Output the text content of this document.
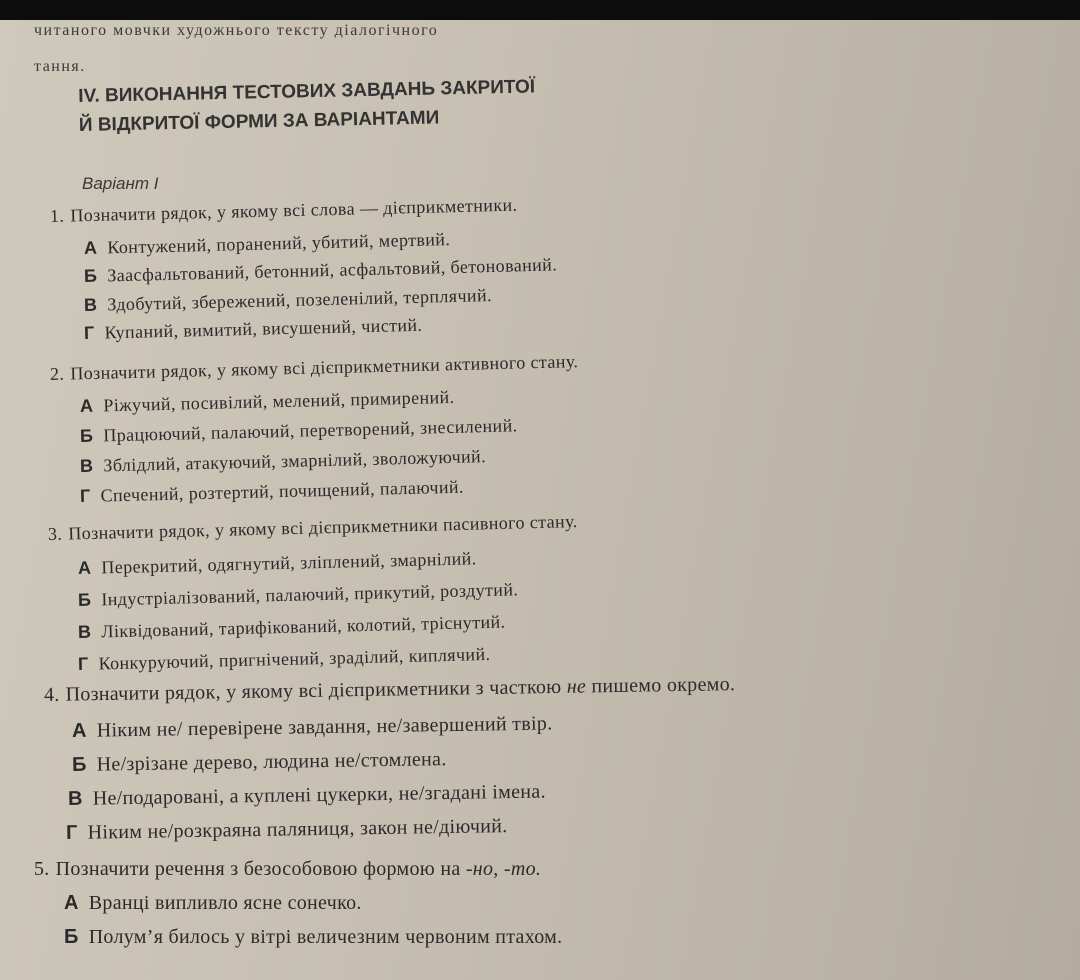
читаного мовчки художнього тексту діалогічного
тання.
IV. ВИКОНАННЯ ТЕСТОВИХ ЗАВДАНЬ ЗАКРИТОЇ
Й ВІДКРИТОЇ ФОРМИ ЗА ВАРІАНТАМИ
Варіант I
1. Позначити рядок, у якому всі слова — дієприкметники.
А Контужений, поранений, убитий, мертвий.
Б Заасфальтований, бетонний, асфальтовий, бетонований.
В Здобутий, збережений, позеленілий, терплячий.
Г Купаний, вимитий, висушений, чистий.
2. Позначити рядок, у якому всі дієприкметники активного стану.
А Ріжучий, посивілий, мелений, примирений.
Б Працюючий, палаючий, перетворений, знесилений.
В Зблідлий, атакуючий, змарнілий, зволожуючий.
Г Спечений, розтертий, почищений, палаючий.
3. Позначити рядок, у якому всі дієприкметники пасивного стану.
А Перекритий, одягнутий, зліплений, змарнілий.
Б Індустріалізований, палаючий, прикутий, роздутий.
В Ліквідований, тарифікований, колотий, тріснутий.
Г Конкуруючий, пригнічений, зраділий, киплячий.
4. Позначити рядок, у якому всі дієприкметники з часткою не пишемо окремо.
А Ніким не/ перевірене завдання, не/завершений твір.
Б Не/зрізане дерево, людина не/стомлена.
В Не/подаровані, а куплені цукерки, не/згадані імена.
Г Ніким не/розкраяна паляниця, закон не/діючий.
5. Позначити речення з безособовою формою на -но, -то.
А Вранці випливло ясне сонечко.
Б Полум’я билось у вітрі величезним червоним птахом.
